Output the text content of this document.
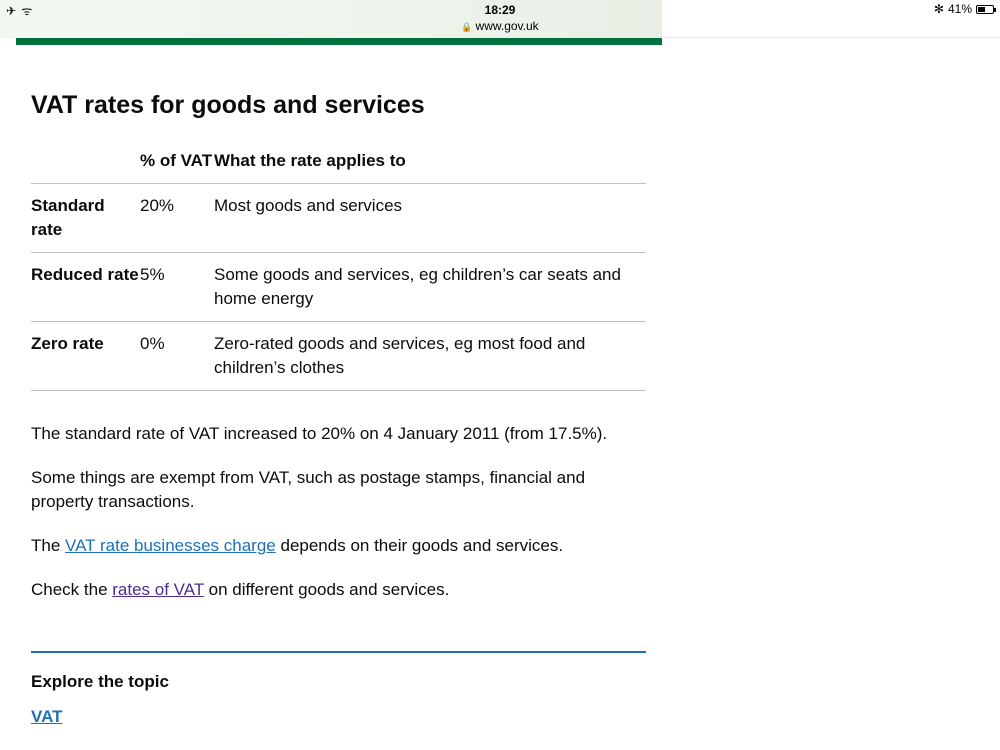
✈ ᯤ	18:29
🔒 www.gov.uk
✻ 41%
VAT rates for goods and services
	% of VAT	What the rate applies to
Standard rate	20%	Most goods and services
Reduced rate	5%	Some goods and services, eg children’s car seats and home energy
Zero rate	0%	Zero-rated goods and services, eg most food and children’s clothes

The standard rate of VAT increased to 20% on 4 January 2011 (from 17.5%).

Some things are exempt from VAT, such as postage stamps, financial and property transactions.

The VAT rate businesses charge depends on their goods and services.

Check the rates of VAT on different goods and services.

Explore the topic
VAT
